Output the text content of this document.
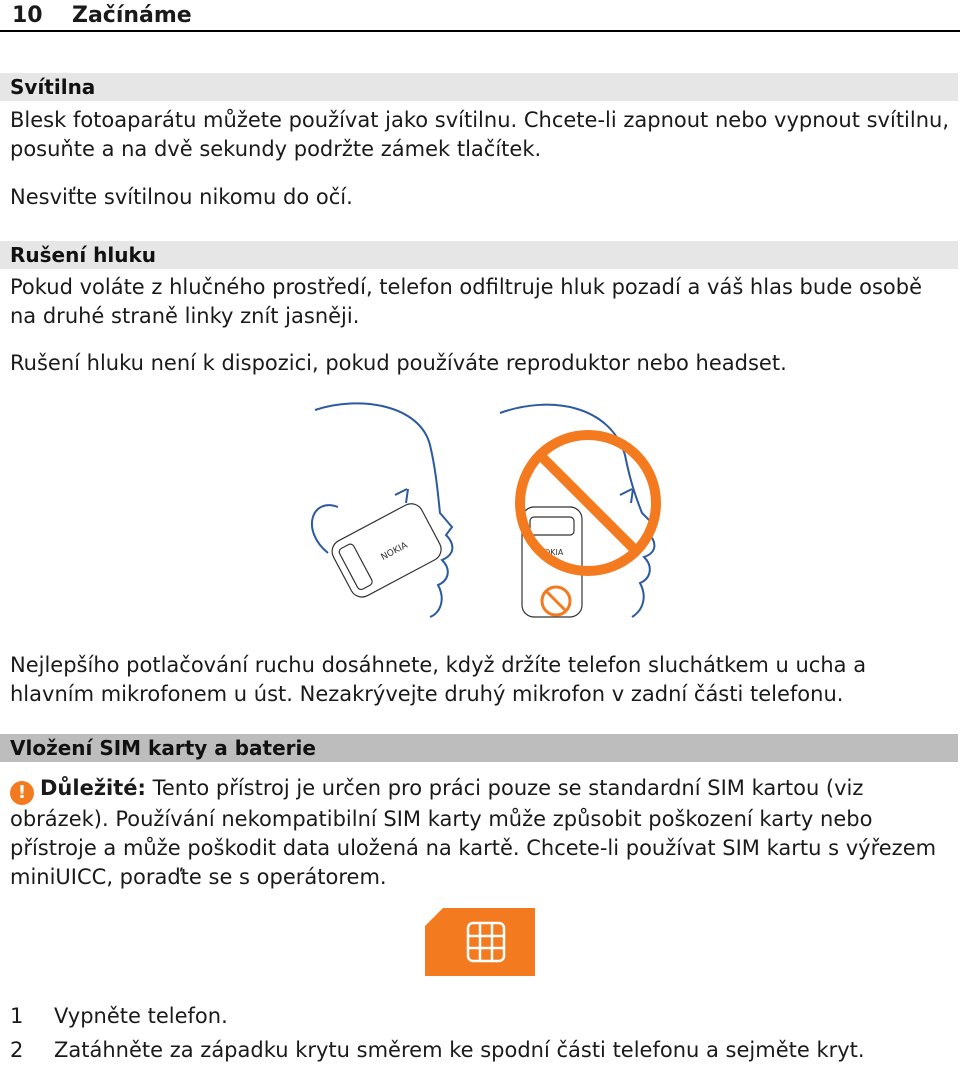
10 Začínáme
Svítilna

Blesk fotoaparátu můžete používat jako svítilnu. Chcete-li zapnout nebo vypnout svítilnu, posuňte a na dvě sekundy podržte zámek tlačítek.

Nesviťte svítilnou nikomu do očí.

Rušení hluku

Pokud voláte z hlučného prostředí, telefon odfiltruje hluk pozadí a váš hlas bude osobě na druhé straně linky znít jasněji.

Rušení hluku není k dispozici, pokud používáte reproduktor nebo headset.

NOKIA	NOKIA

Nejlepšího potlačování ruchu dosáhnete, když držíte telefon sluchátkem u ucha a hlavním mikrofonem u úst. Nezakrývejte druhý mikrofon v zadní části telefonu.

Vložení SIM karty a baterie

! Důležité: Tento přístroj je určen pro práci pouze se standardní SIM kartou (viz obrázek). Používání nekompatibilní SIM karty může způsobit poškození karty nebo přístroje a může poškodit data uložená na kartě. Chcete-li používat SIM kartu s výřezem miniUICC, poraďte se s operátorem.

1 Vypněte telefon.
2 Zatáhněte za západku krytu směrem ke spodní části telefonu a sejměte kryt.
